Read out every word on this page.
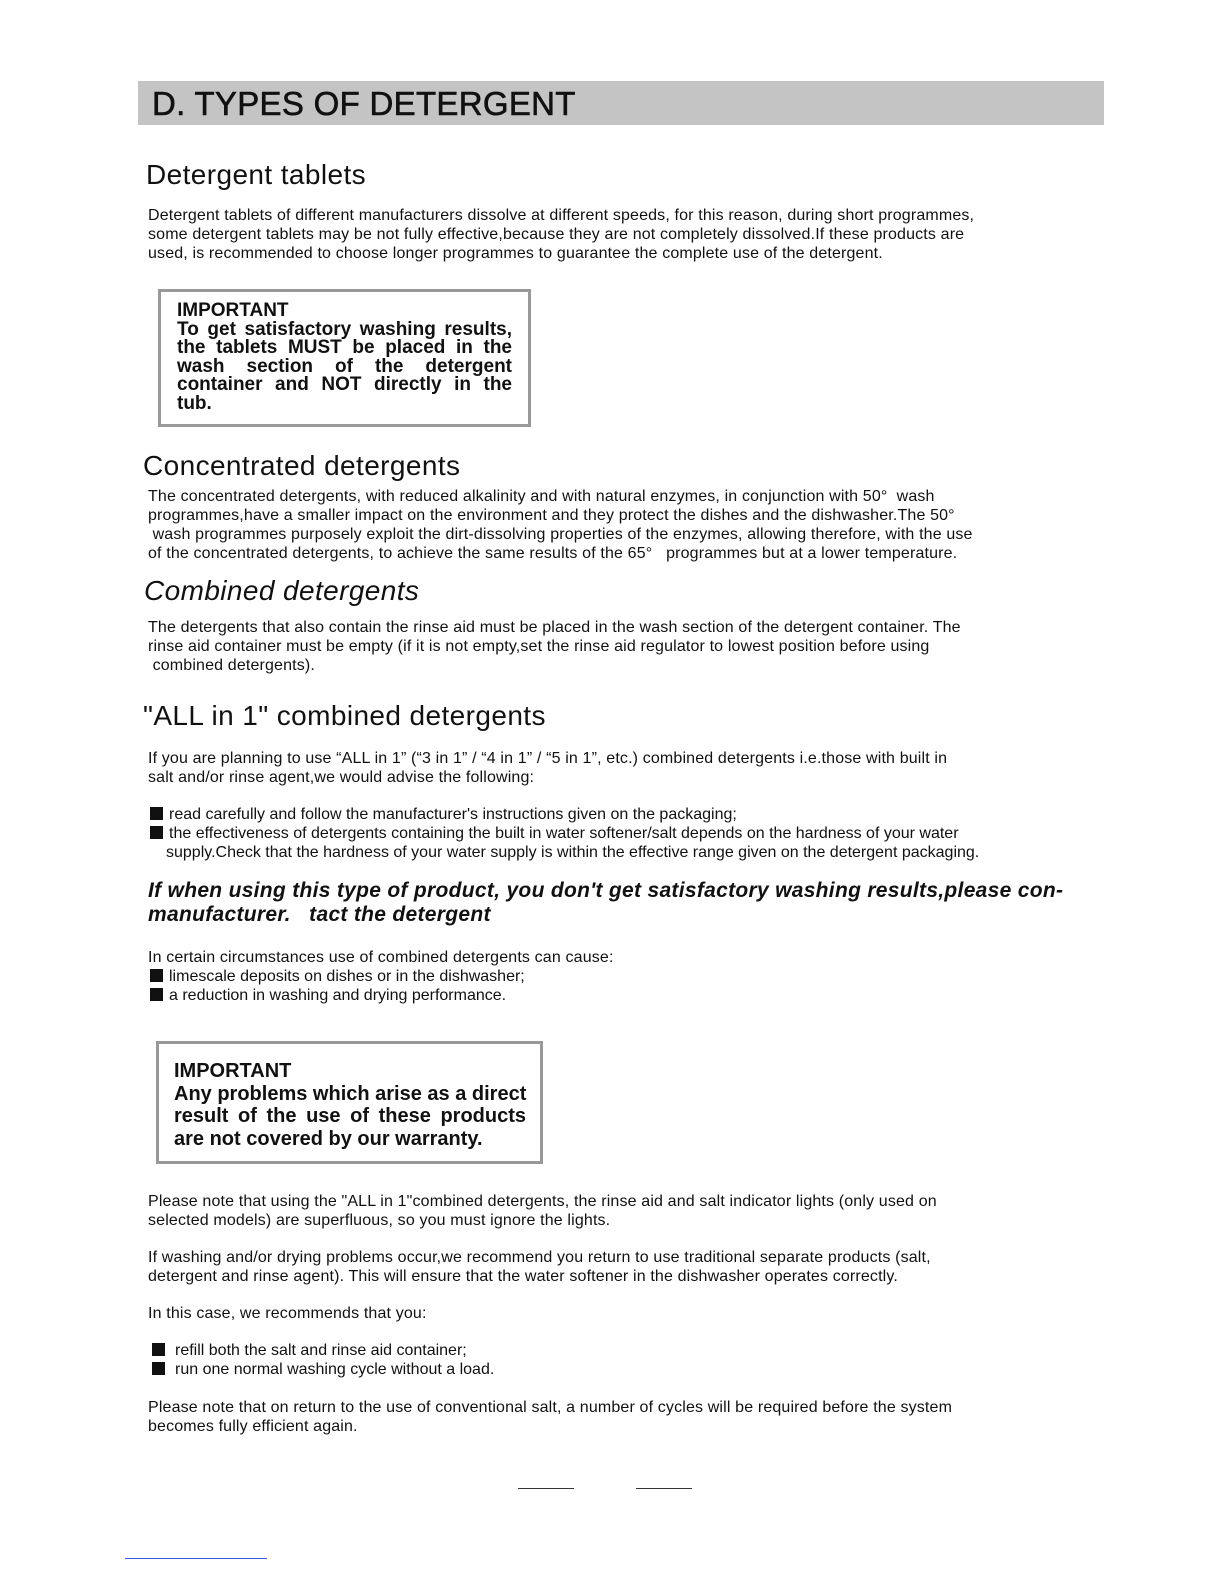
D. TYPES OF DETERGENT
Detergent tablets

Detergent tablets of different manufacturers dissolve at different speeds, for this reason, during short programmes,
some detergent tablets may be not fully effective,because they are not completely dissolved.If these products are
used, is recommended to choose longer programmes to guarantee the complete use of the detergent.

IMPORTANT
To get satisfactory washing results,
the tablets MUST be placed in the
wash section of the detergent
container and NOT directly in the
tub.
Concentrated detergents

The concentrated detergents, with reduced alkalinity and with natural enzymes, in conjunction with 50°  wash
programmes,have a smaller impact on the environment and they protect the dishes and the dishwasher.The 50°
wash programmes purposely exploit the dirt-dissolving properties of the enzymes, allowing therefore, with the use
of the concentrated detergents, to achieve the same results of the 65°   programmes but at a lower temperature.

Combined detergents

The detergents that also contain the rinse aid must be placed in the wash section of the detergent container. The
rinse aid container must be empty (if it is not empty,set the rinse aid regulator to lowest position before using
combined detergents).

"ALL in 1" combined detergents

If you are planning to use “ALL in 1” (“3 in 1” / “4 in 1” / “5 in 1”, etc.) combined detergents i.e.those with built in
salt and/or rinse agent,we would advise the following:

read carefully and follow the manufacturer's instructions given on the packaging;
the effectiveness of detergents containing the built in water softener/salt depends on the hardness of your water
supply.Check that the hardness of your water supply is within the effective range given on the detergent packaging.
If when using this type of product, you don't get satisfactory washing results,please con-
manufacturer.   tact the detergent

In certain circumstances use of combined detergents can cause:

limescale deposits on dishes or in the dishwasher;
a reduction in washing and drying performance.
IMPORTANT
Any problems which arise as a direct
result of the use of these products
are not covered by our warranty.

Please note that using the "ALL in 1"combined detergents, the rinse aid and salt indicator lights (only used on
selected models) are superfluous, so you must ignore the lights.

If washing and/or drying problems occur,we recommend you return to use traditional separate products (salt,
detergent and rinse agent). This will ensure that the water softener in the dishwasher operates correctly.

In this case, we recommends that you:

refill both the salt and rinse aid container;
run one normal washing cycle without a load.

Please note that on return to the use of conventional salt, a number of cycles will be required before the system
becomes fully efficient again.
